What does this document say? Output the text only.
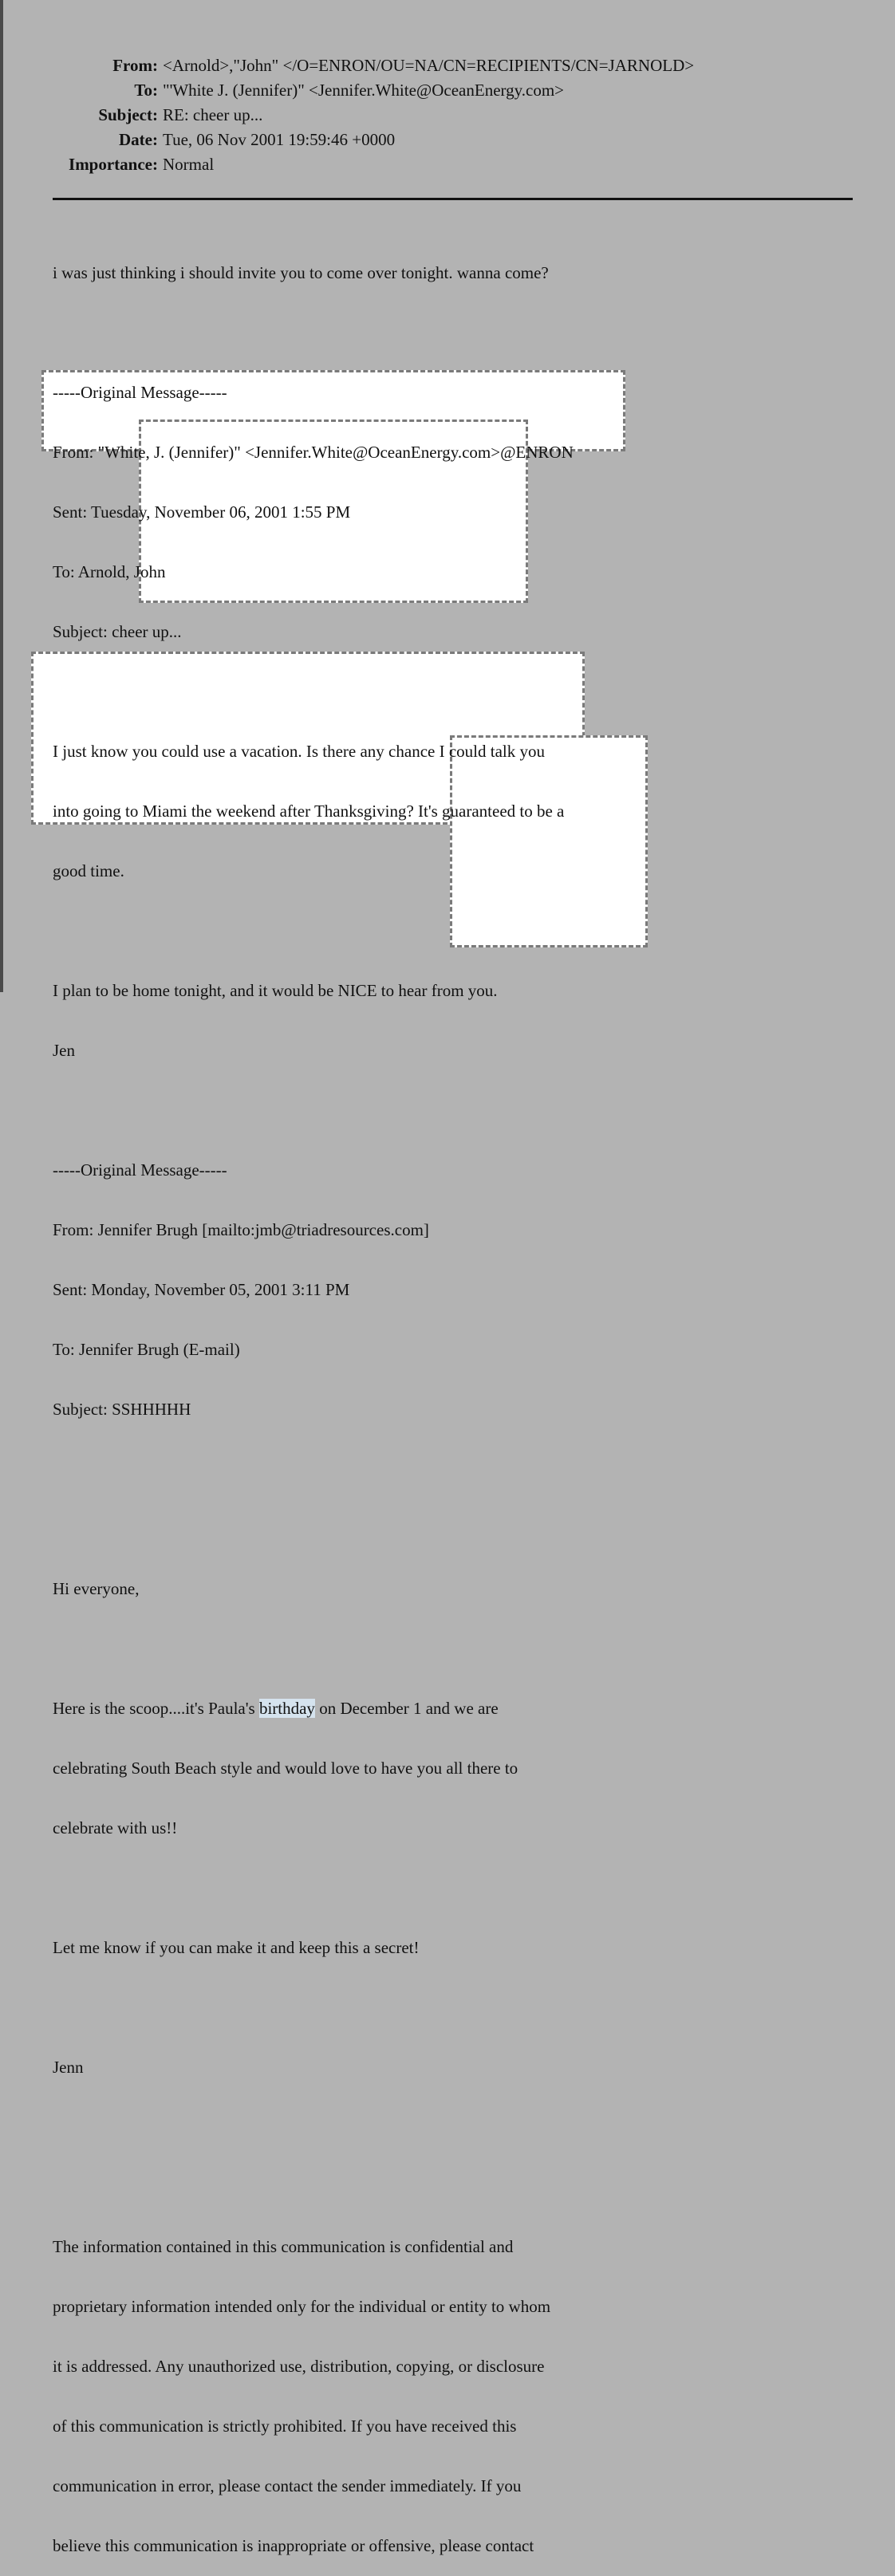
From: <Arnold>,"John" </O=ENRON/OU=NA/CN=RECIPIENTS/CN=JARNOLD>
To: "'White J. (Jennifer)" <Jennifer.White@OceanEnergy.com>
Subject: RE: cheer up...
Date: Tue, 06 Nov 2001 19:59:46 +0000
Importance: Normal

i was just thinking i should invite you to come over tonight. wanna come?

-----Original Message-----

From: "White, J. (Jennifer)" <Jennifer.White@OceanEnergy.com>@ENRON

Sent: Tuesday, November 06, 2001 1:55 PM

To: Arnold, John

Subject: cheer up...

I just know you could use a vacation. Is there any chance I could talk you

into going to Miami the weekend after Thanksgiving? It's guaranteed to be a

good time.

I plan to be home tonight, and it would be NICE to hear from you.

Jen

-----Original Message-----

From: Jennifer Brugh [mailto:jmb@triadresources.com]

Sent: Monday, November 05, 2001 3:11 PM

To: Jennifer Brugh (E-mail)

Subject: SSHHHHH

Hi everyone,

Here is the scoop....it's Paula's birthday on December 1 and we are

celebrating South Beach style and would love to have you all there to

celebrate with us!!

Let me know if you can make it and keep this a secret!

Jenn

The information contained in this communication is confidential and

proprietary information intended only for the individual or entity to whom

it is addressed. Any unauthorized use, distribution, copying, or disclosure

of this communication is strictly prohibited. If you have received this

communication in error, please contact the sender immediately. If you

believe this communication is inappropriate or offensive, please contact
